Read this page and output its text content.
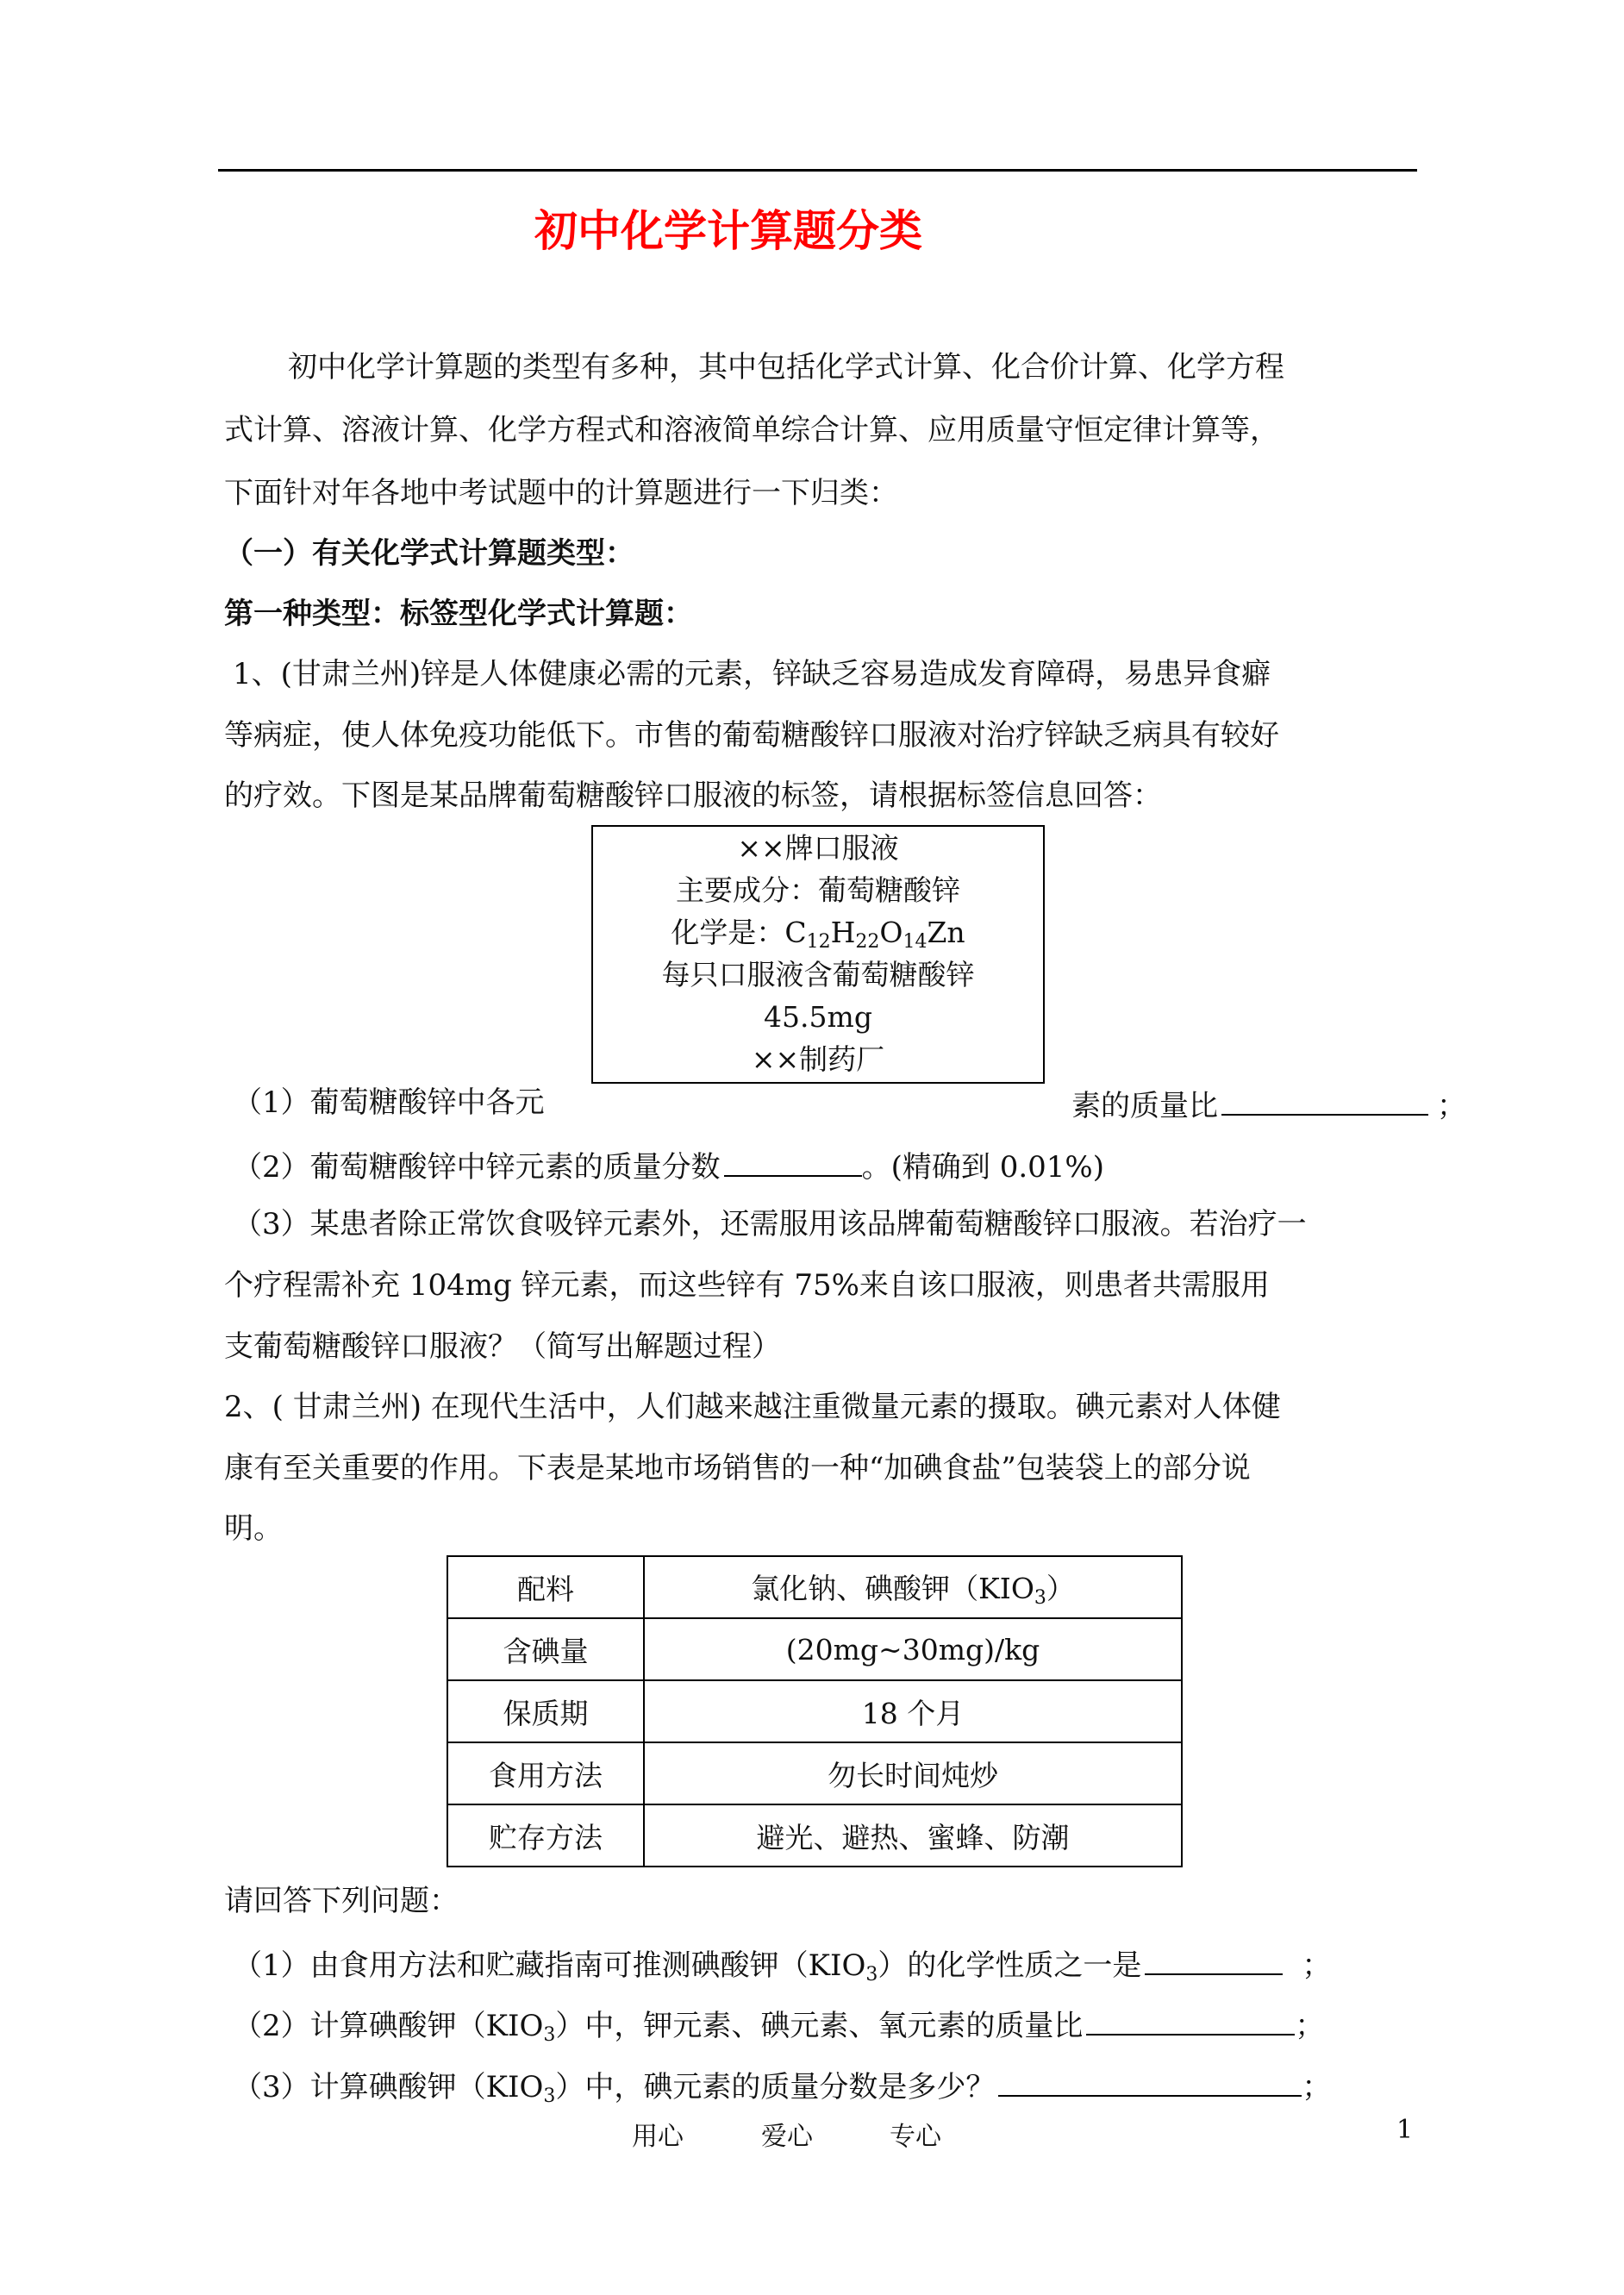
初中化学计算题分类
初中化学计算题的类型有多种，其中包括化学式计算、化合价计算、化学方程
式计算、溶液计算、化学方程式和溶液简单综合计算、应用质量守恒定律计算等，
下面针对年各地中考试题中的计算题进行一下归类：
（一）有关化学式计算题类型：
第一种类型：标签型化学式计算题：
1、(甘肃兰州)锌是人体健康必需的元素，锌缺乏容易造成发育障碍，易患异食癖
等病症，使人体免疫功能低下。市售的葡萄糖酸锌口服液对治疗锌缺乏病具有较好
的疗效。下图是某品牌葡萄糖酸锌口服液的标签，请根据标签信息回答：
××牌口服液
主要成分：葡萄糖酸锌
化学是：$C_{12}H_{22}O_{14}Zn$
每只口服液含葡萄糖酸锌
45.5mg
××制药厂
（1）葡萄糖酸锌中各元	素的质量比	；
（2）葡萄糖酸锌中锌元素的质量分数	。(精确到 0.01%)
（3）某患者除正常饮食吸锌元素外，还需服用该品牌葡萄糖酸锌口服液。若治疗一
个疗程需补充 104mg 锌元素，而这些锌有 75%来自该口服液，则患者共需服用
支葡萄糖酸锌口服液？（简写出解题过程）
2、( 甘肃兰州) 在现代生活中，人们越来越注重微量元素的摄取。碘元素对人体健
康有至关重要的作用。下表是某地市场销售的一种“加碘食盐”包装袋上的部分说
明。
配料	氯化钠、碘酸钾$(KIO_3)$
含碘量	(20mg~30mg)/kg
保质期	18 个月
食用方法	勿长时间炖炒
贮存方法	避光、避热、蜜蜂、防潮
请回答下列问题：
（1）由食用方法和贮藏指南可推测碘酸钾$(KIO_3)$的化学性质之一是	；
（2）计算碘酸钾$(KIO_3)$中，钾元素、碘元素、氧元素的质量比	；
（3）计算碘酸钾$(KIO_3)$中，碘元素的质量分数是多少？	；
用心	爱心	专心	1
